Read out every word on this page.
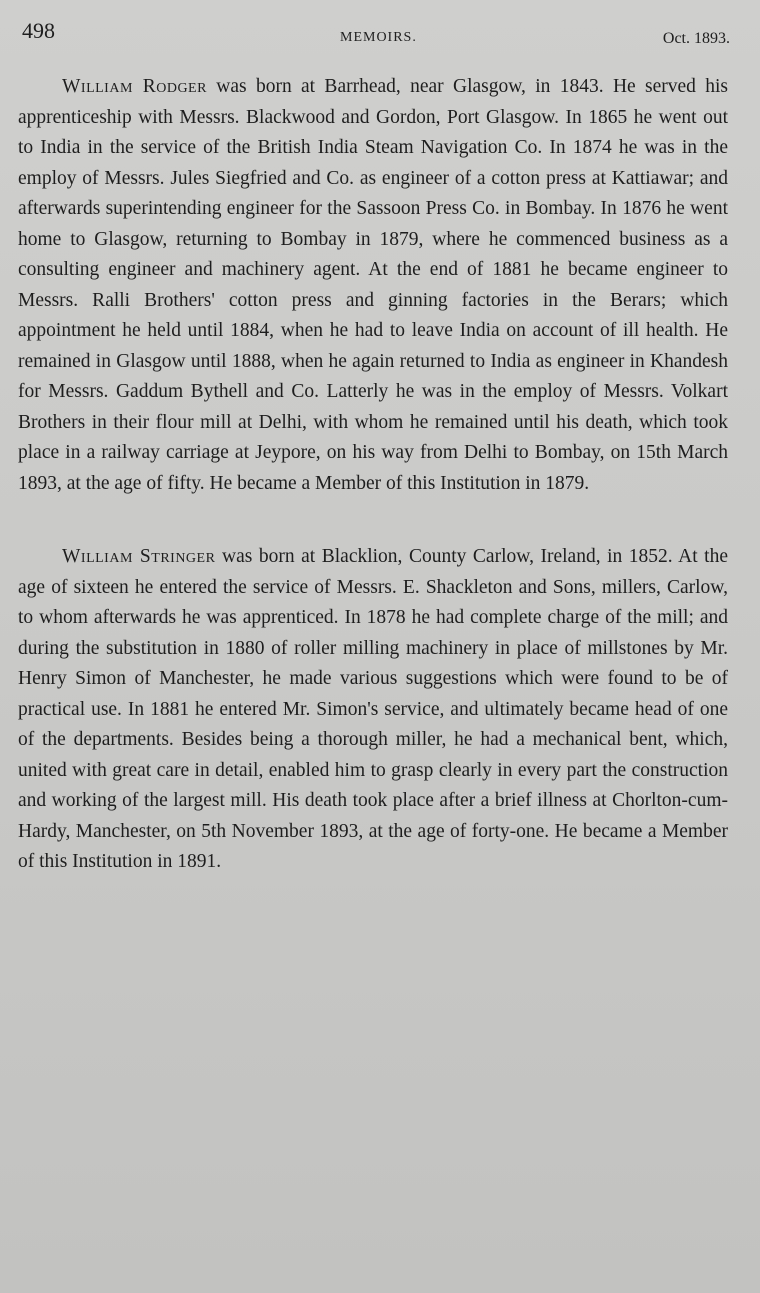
498	MEMOIRS.	Oct. 1893.

William Rodger was born at Barrhead, near Glasgow, in 1843. He served his apprenticeship with Messrs. Blackwood and Gordon, Port Glasgow. In 1865 he went out to India in the service of the British India Steam Navigation Co. In 1874 he was in the employ of Messrs. Jules Siegfried and Co. as engineer of a cotton press at Kattiawar; and afterwards superintending engineer for the Sassoon Press Co. in Bombay. In 1876 he went home to Glasgow, returning to Bombay in 1879, where he commenced business as a consulting engineer and machinery agent. At the end of 1881 he became engineer to Messrs. Ralli Brothers' cotton press and ginning factories in the Berars; which appointment he held until 1884, when he had to leave India on account of ill health. He remained in Glasgow until 1888, when he again returned to India as engineer in Khandesh for Messrs. Gaddum Bythell and Co. Latterly he was in the employ of Messrs. Volkart Brothers in their flour mill at Delhi, with whom he remained until his death, which took place in a railway carriage at Jeypore, on his way from Delhi to Bombay, on 15th March 1893, at the age of fifty. He became a Member of this Institution in 1879.

William Stringer was born at Blacklion, County Carlow, Ireland, in 1852. At the age of sixteen he entered the service of Messrs. E. Shackleton and Sons, millers, Carlow, to whom afterwards he was apprenticed. In 1878 he had complete charge of the mill; and during the substitution in 1880 of roller milling machinery in place of millstones by Mr. Henry Simon of Manchester, he made various suggestions which were found to be of practical use. In 1881 he entered Mr. Simon's service, and ultimately became head of one of the departments. Besides being a thorough miller, he had a mechanical bent, which, united with great care in detail, enabled him to grasp clearly in every part the construction and working of the largest mill. His death took place after a brief illness at Chorlton-cum-Hardy, Manchester, on 5th November 1893, at the age of forty-one. He became a Member of this Institution in 1891.
